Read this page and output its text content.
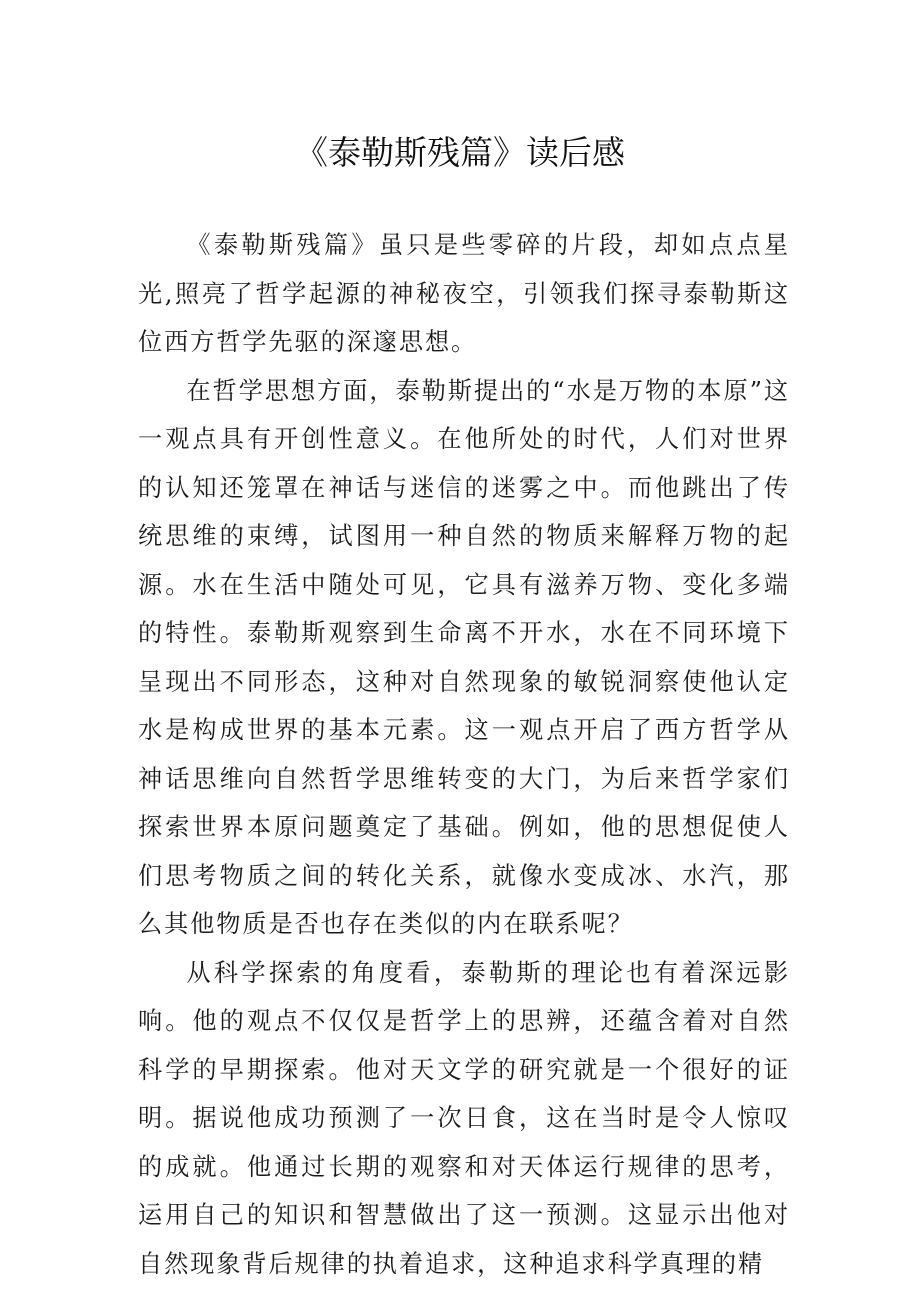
《泰勒斯残篇》读后感

《泰勒斯残篇》虽只是些零碎的片段，却如点点星光,照亮了哲学起源的神秘夜空，引领我们探寻泰勒斯这位西方哲学先驱的深邃思想。

在哲学思想方面，泰勒斯提出的“水是万物的本原”这一观点具有开创性意义。在他所处的时代，人们对世界的认知还笼罩在神话与迷信的迷雾之中。而他跳出了传统思维的束缚，试图用一种自然的物质来解释万物的起源。水在生活中随处可见，它具有滋养万物、变化多端的特性。泰勒斯观察到生命离不开水，水在不同环境下呈现出不同形态，这种对自然现象的敏锐洞察使他认定水是构成世界的基本元素。这一观点开启了西方哲学从神话思维向自然哲学思维转变的大门，为后来哲学家们探索世界本原问题奠定了基础。例如，他的思想促使人们思考物质之间的转化关系，就像水变成冰、水汽，那么其他物质是否也存在类似的内在联系呢？

从科学探索的角度看，泰勒斯的理论也有着深远影响。他的观点不仅仅是哲学上的思辨，还蕴含着对自然科学的早期探索。他对天文学的研究就是一个很好的证明。据说他成功预测了一次日食，这在当时是令人惊叹的成就。他通过长期的观察和对天体运行规律的思考，运用自己的知识和智慧做出了这一预测。这显示出他对自然现象背后规律的执着追求，这种追求科学真理的精
